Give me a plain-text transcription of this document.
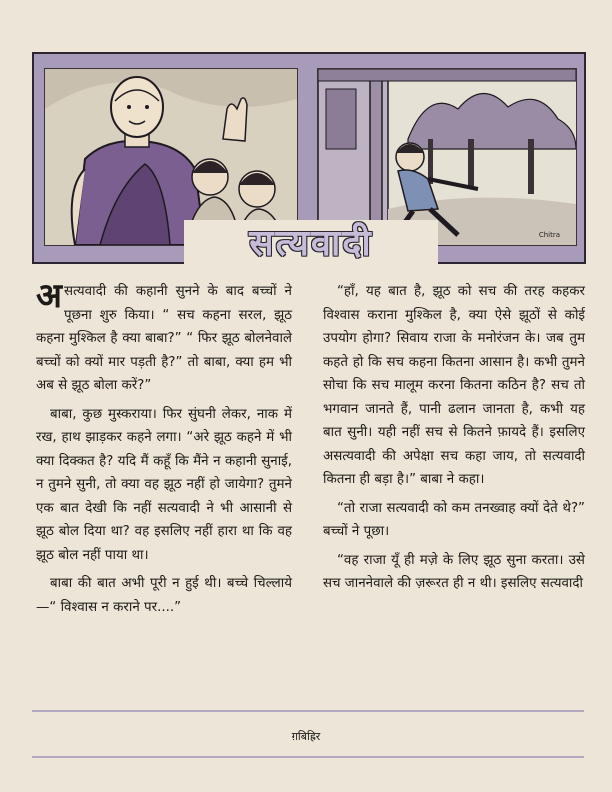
Chitra
सत्यवादी

असत्यवादी की कहानी सुनने के बाद बच्चों ने पूछना शुरु किया। “ सच कहना सरल, झूठ कहना मुश्किल है क्या बाबा?” “ फिर झूठ बोलनेवाले बच्चों को क्यों मार पड़ती है?” तो बाबा, क्या हम भी अब से झूठ बोला करें?”

बाबा, कुछ मुस्कराया। फिर सुंघनी लेकर, नाक में रख, हाथ झाड़कर कहने लगा। “अरे झूठ कहने में भी क्या दिक्कत है? यदि मैं कहूँ कि मैंने न कहानी सुनाई, न तुमने सुनी, तो क्या वह झूठ नहीं हो जायेगा? तुमने एक बात देखी कि नहीं सत्यवादी ने भी आसानी से झूठ बोल दिया था? वह इसलिए नहीं हारा था कि वह झूठ बोल नहीं पाया था।

बाबा की बात अभी पूरी न हुई थी। बच्चे चिल्लाये—“ विश्वास न कराने पर....”

“हाँ, यह बात है, झूठ को सच की तरह कहकर विश्वास कराना मुश्किल है, क्या ऐसे झूठों से कोई उपयोग होगा? सिवाय राजा के मनोरंजन के। जब तुम कहते हो कि सच कहना कितना आसान है। कभी तुमने सोचा कि सच मालूम करना कितना कठिन है? सच तो भगवान जानते हैं, पानी ढलान जानता है, कभी यह बात सुनी। यही नहीं सच से कितने फ़ायदे हैं। इसलिए असत्यवादी की अपेक्षा सच कहा जाय, तो सत्यवादी कितना ही बड़ा है।” बाबा ने कहा।

“तो राजा सत्यवादी को कम तनख्वाह क्यों देते थे?” बच्चों ने पूछा।

“वह राजा यूँ ही मज़े के लिए झूठ सुना करता। उसे सच जाननेवाले की ज़रूरत ही न थी। इसलिए सत्यवादी

ग़बिह्रिर
